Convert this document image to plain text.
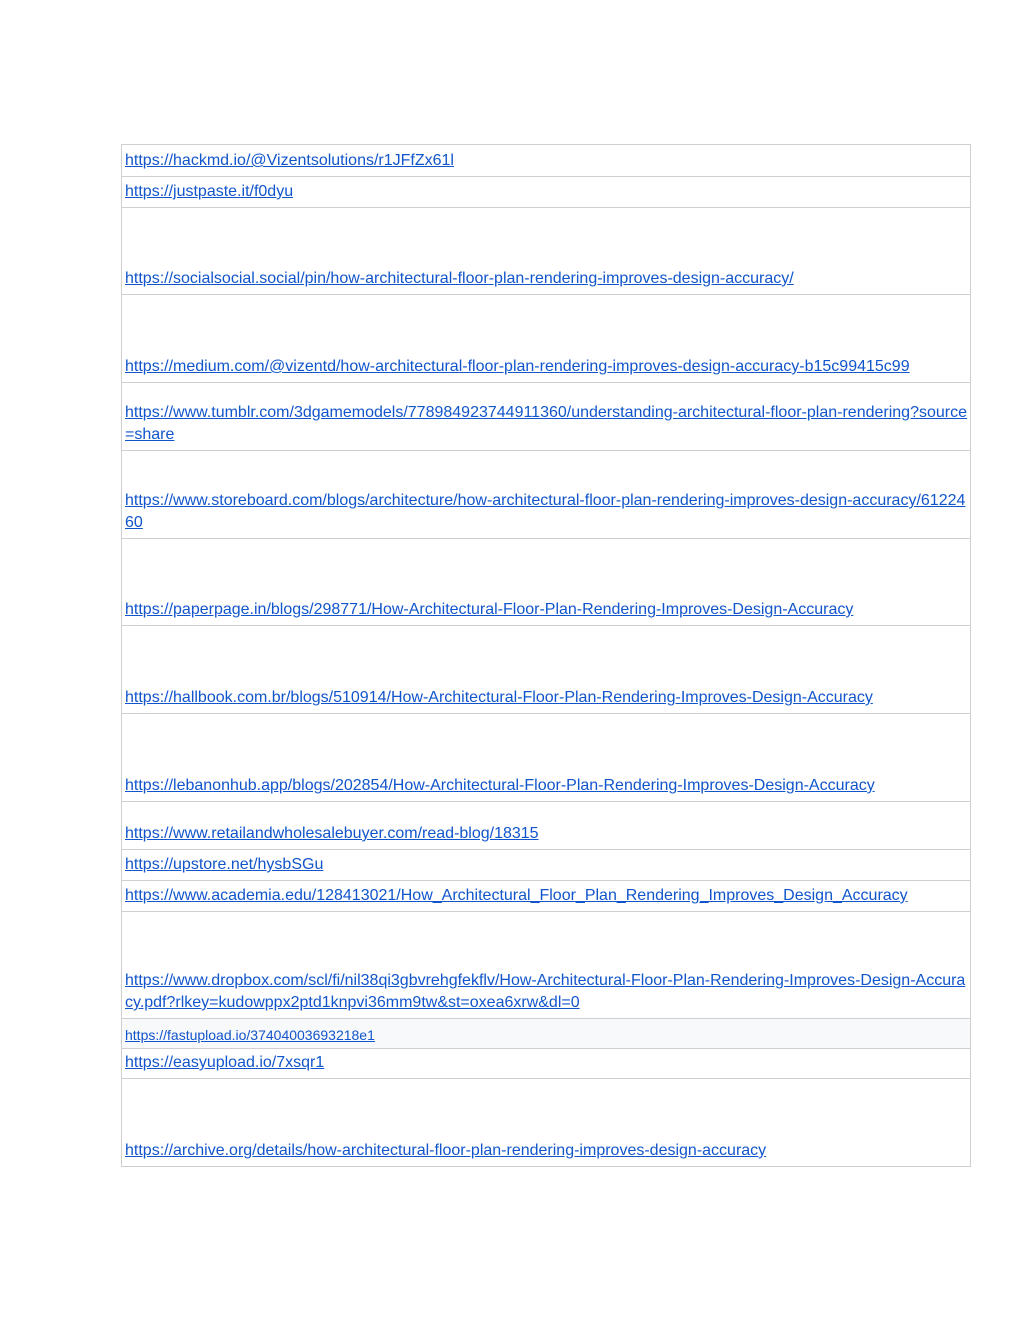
https://hackmd.io/@Vizentsolutions/r1JFfZx61l

https://justpaste.it/f0dyu

https://socialsocial.social/pin/how-architectural-floor-plan-rendering-improves-design-accuracy/

https://medium.com/@vizentd/how-architectural-floor-plan-rendering-improves-design-accuracy-b15c99415c99

https://www.tumblr.com/3dgamemodels/778984923744911360/understanding-architectural-floor-plan-rendering?source=share

https://www.storeboard.com/blogs/architecture/how-architectural-floor-plan-rendering-improves-design-accuracy/6122460

https://paperpage.in/blogs/298771/How-Architectural-Floor-Plan-Rendering-Improves-Design-Accuracy

https://hallbook.com.br/blogs/510914/How-Architectural-Floor-Plan-Rendering-Improves-Design-Accuracy

https://lebanonhub.app/blogs/202854/How-Architectural-Floor-Plan-Rendering-Improves-Design-Accuracy

https://www.retailandwholesalebuyer.com/read-blog/18315

https://upstore.net/hysbSGu

https://www.academia.edu/128413021/How_Architectural_Floor_Plan_Rendering_Improves_Design_Accuracy

https://www.dropbox.com/scl/fi/nil38qi3gbvrehgfekflv/How-Architectural-Floor-Plan-Rendering-Improves-Design-Accuracy.pdf?rlkey=kudowppx2ptd1knpvi36mm9tw&st=oxea6xrw&dl=0

https://fastupload.io/37404003693218e1

https://easyupload.io/7xsqr1

https://archive.org/details/how-architectural-floor-plan-rendering-improves-design-accuracy
